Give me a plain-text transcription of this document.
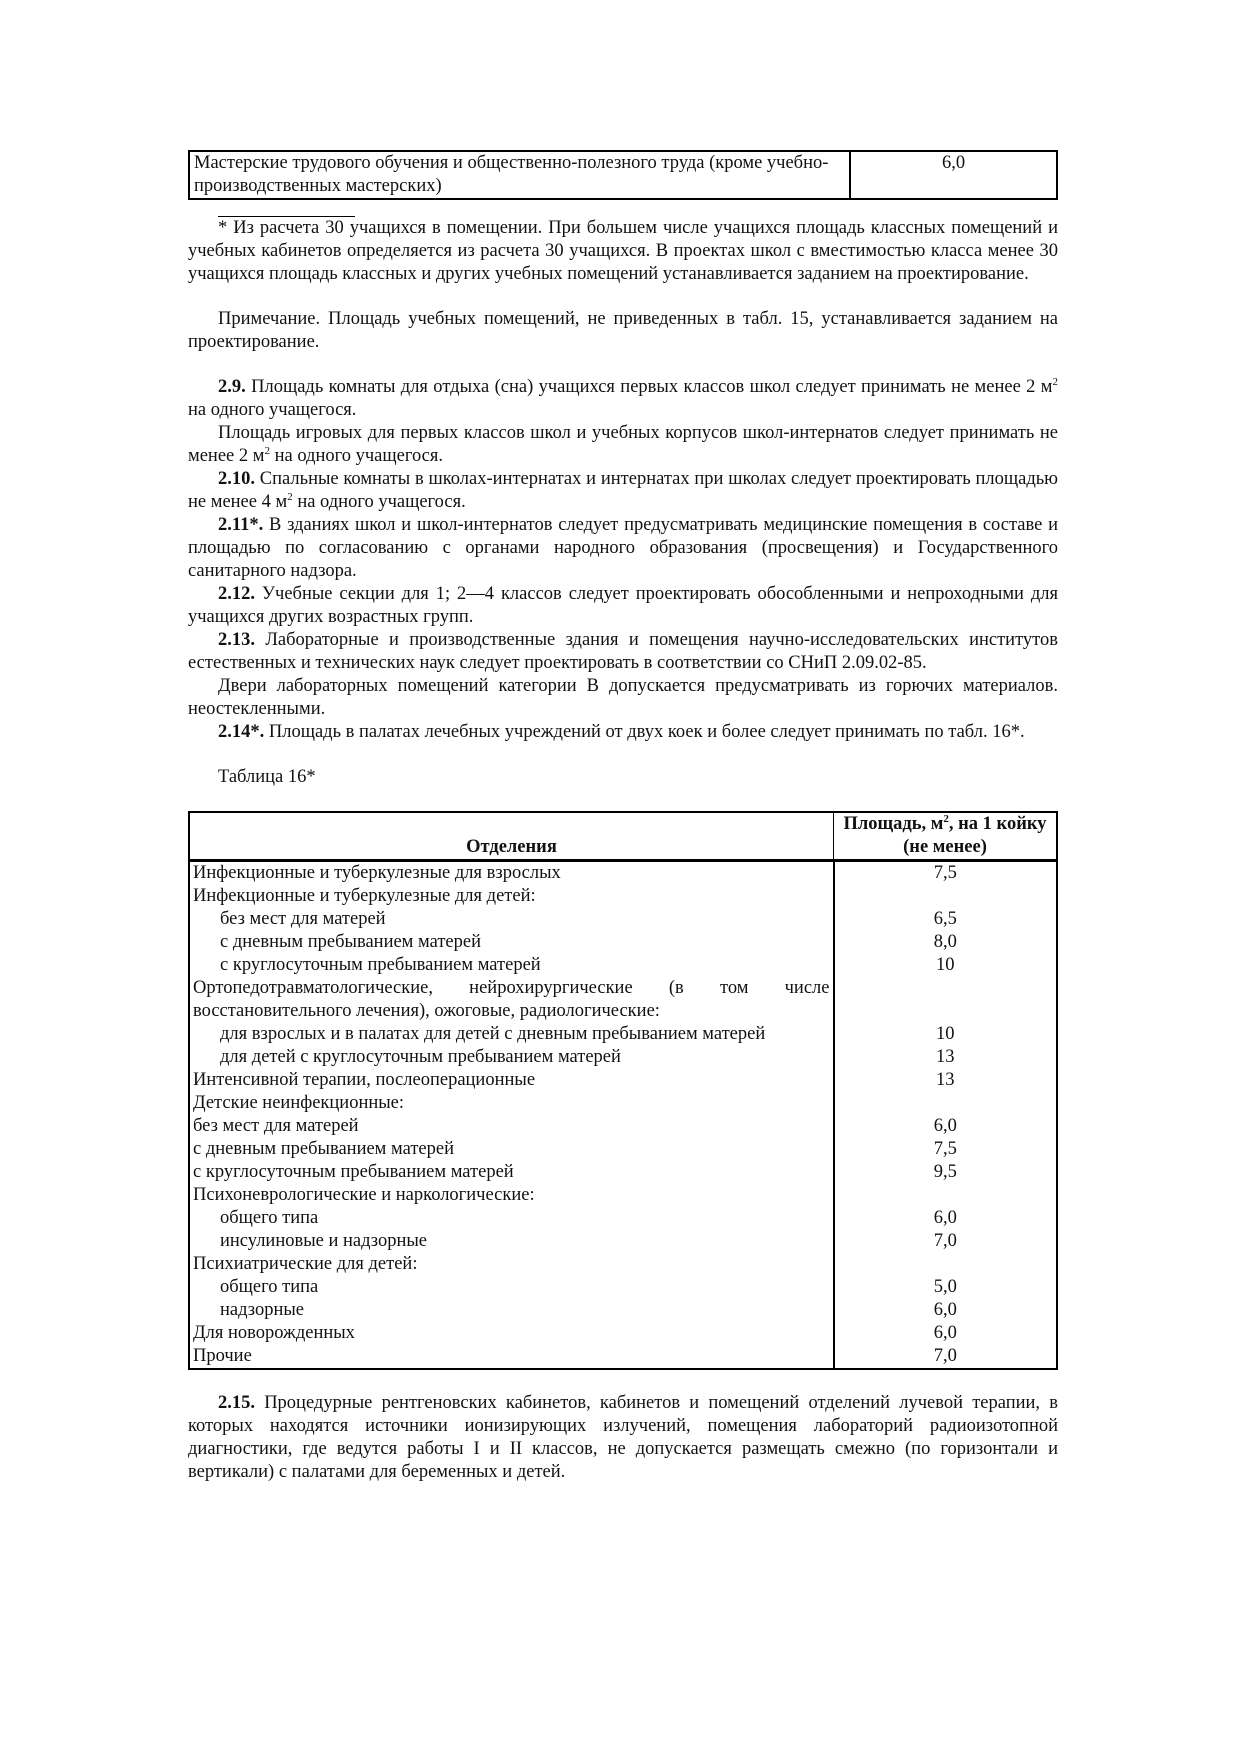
Мастерские трудового обучения и общественно-полезного труда (кроме учебно-производственных мастерских)	6,0

* Из расчета 30 учащихся в помещении. При большем числе учащихся площадь классных помещений и учебных кабинетов определяется из расчета 30 учащихся. В проектах школ с вместимостью класса менее 30 учащихся площадь классных и других учебных помещений устанавливается заданием на проектирование.

Примечание. Площадь учебных помещений, не приведенных в табл. 15, устанавливается заданием на проектирование.

2.9. Площадь комнаты для отдыха (сна) учащихся первых классов школ следует принимать не менее 2 $м^2$ на одного учащегося.

Площадь игровых для первых классов школ и учебных корпусов школ-интернатов следует принимать не менее 2 $м^2$ на одного учащегося.

2.10. Спальные комнаты в школах-интернатах и интернатах при школах следует проектировать площадью не менее 4 $м^2$ на одного учащегося.

2.11*. В зданиях школ и школ-интернатов следует предусматривать медицинские помещения в составе и площадью по согласованию с органами народного образования (просвещения) и Государственного санитарного надзора.

2.12. Учебные секции для 1; 2—4 классов следует проектировать обособленными и непроходными для учащихся других возрастных групп.

2.13. Лабораторные и производственные здания и помещения научно-исследовательских институтов естественных и технических наук следует проектировать в соответствии со СНиП 2.09.02-85.

Двери лабораторных помещений категории В допускается предусматривать из горючих материалов. неостекленными.

2.14*. Площадь в палатах лечебных учреждений от двух коек и более следует принимать по табл. 16*.

Таблица 16*

Отделения	Площадь, $м^2$, на 1 койку (не менее)
Инфекционные и туберкулезные для взрослых	7,5
Инфекционные и туберкулезные для детей:	
без мест для матерей	6,5
с дневным пребыванием матерей	8,0
с круглосуточным пребыванием матерей	10
Ортопедотравматологические, нейрохирургические (в том числе восстановительного лечения), ожоговые, радиологические:	
для взрослых и в палатах для детей с дневным пребыванием матерей	10
для детей с круглосуточным пребыванием матерей	13
Интенсивной терапии, послеоперационные	13
Детские неинфекционные:	
без мест для матерей	6,0
с дневным пребыванием матерей	7,5
с круглосуточным пребыванием матерей	9,5
Психоневрологические и наркологические:	
общего типа	6,0
инсулиновые и надзорные	7,0
Психиатрические для детей:	
общего типа	5,0
надзорные	6,0
Для новорожденных	6,0
Прочие	7,0

2.15. Процедурные рентгеновских кабинетов, кабинетов и помещений отделений лучевой терапии, в которых находятся источники ионизирующих излучений, помещения лабораторий радиоизотопной диагностики, где ведутся работы I и II классов, не допускается размещать смежно (по горизонтали и вертикали) с палатами для беременных и детей.
